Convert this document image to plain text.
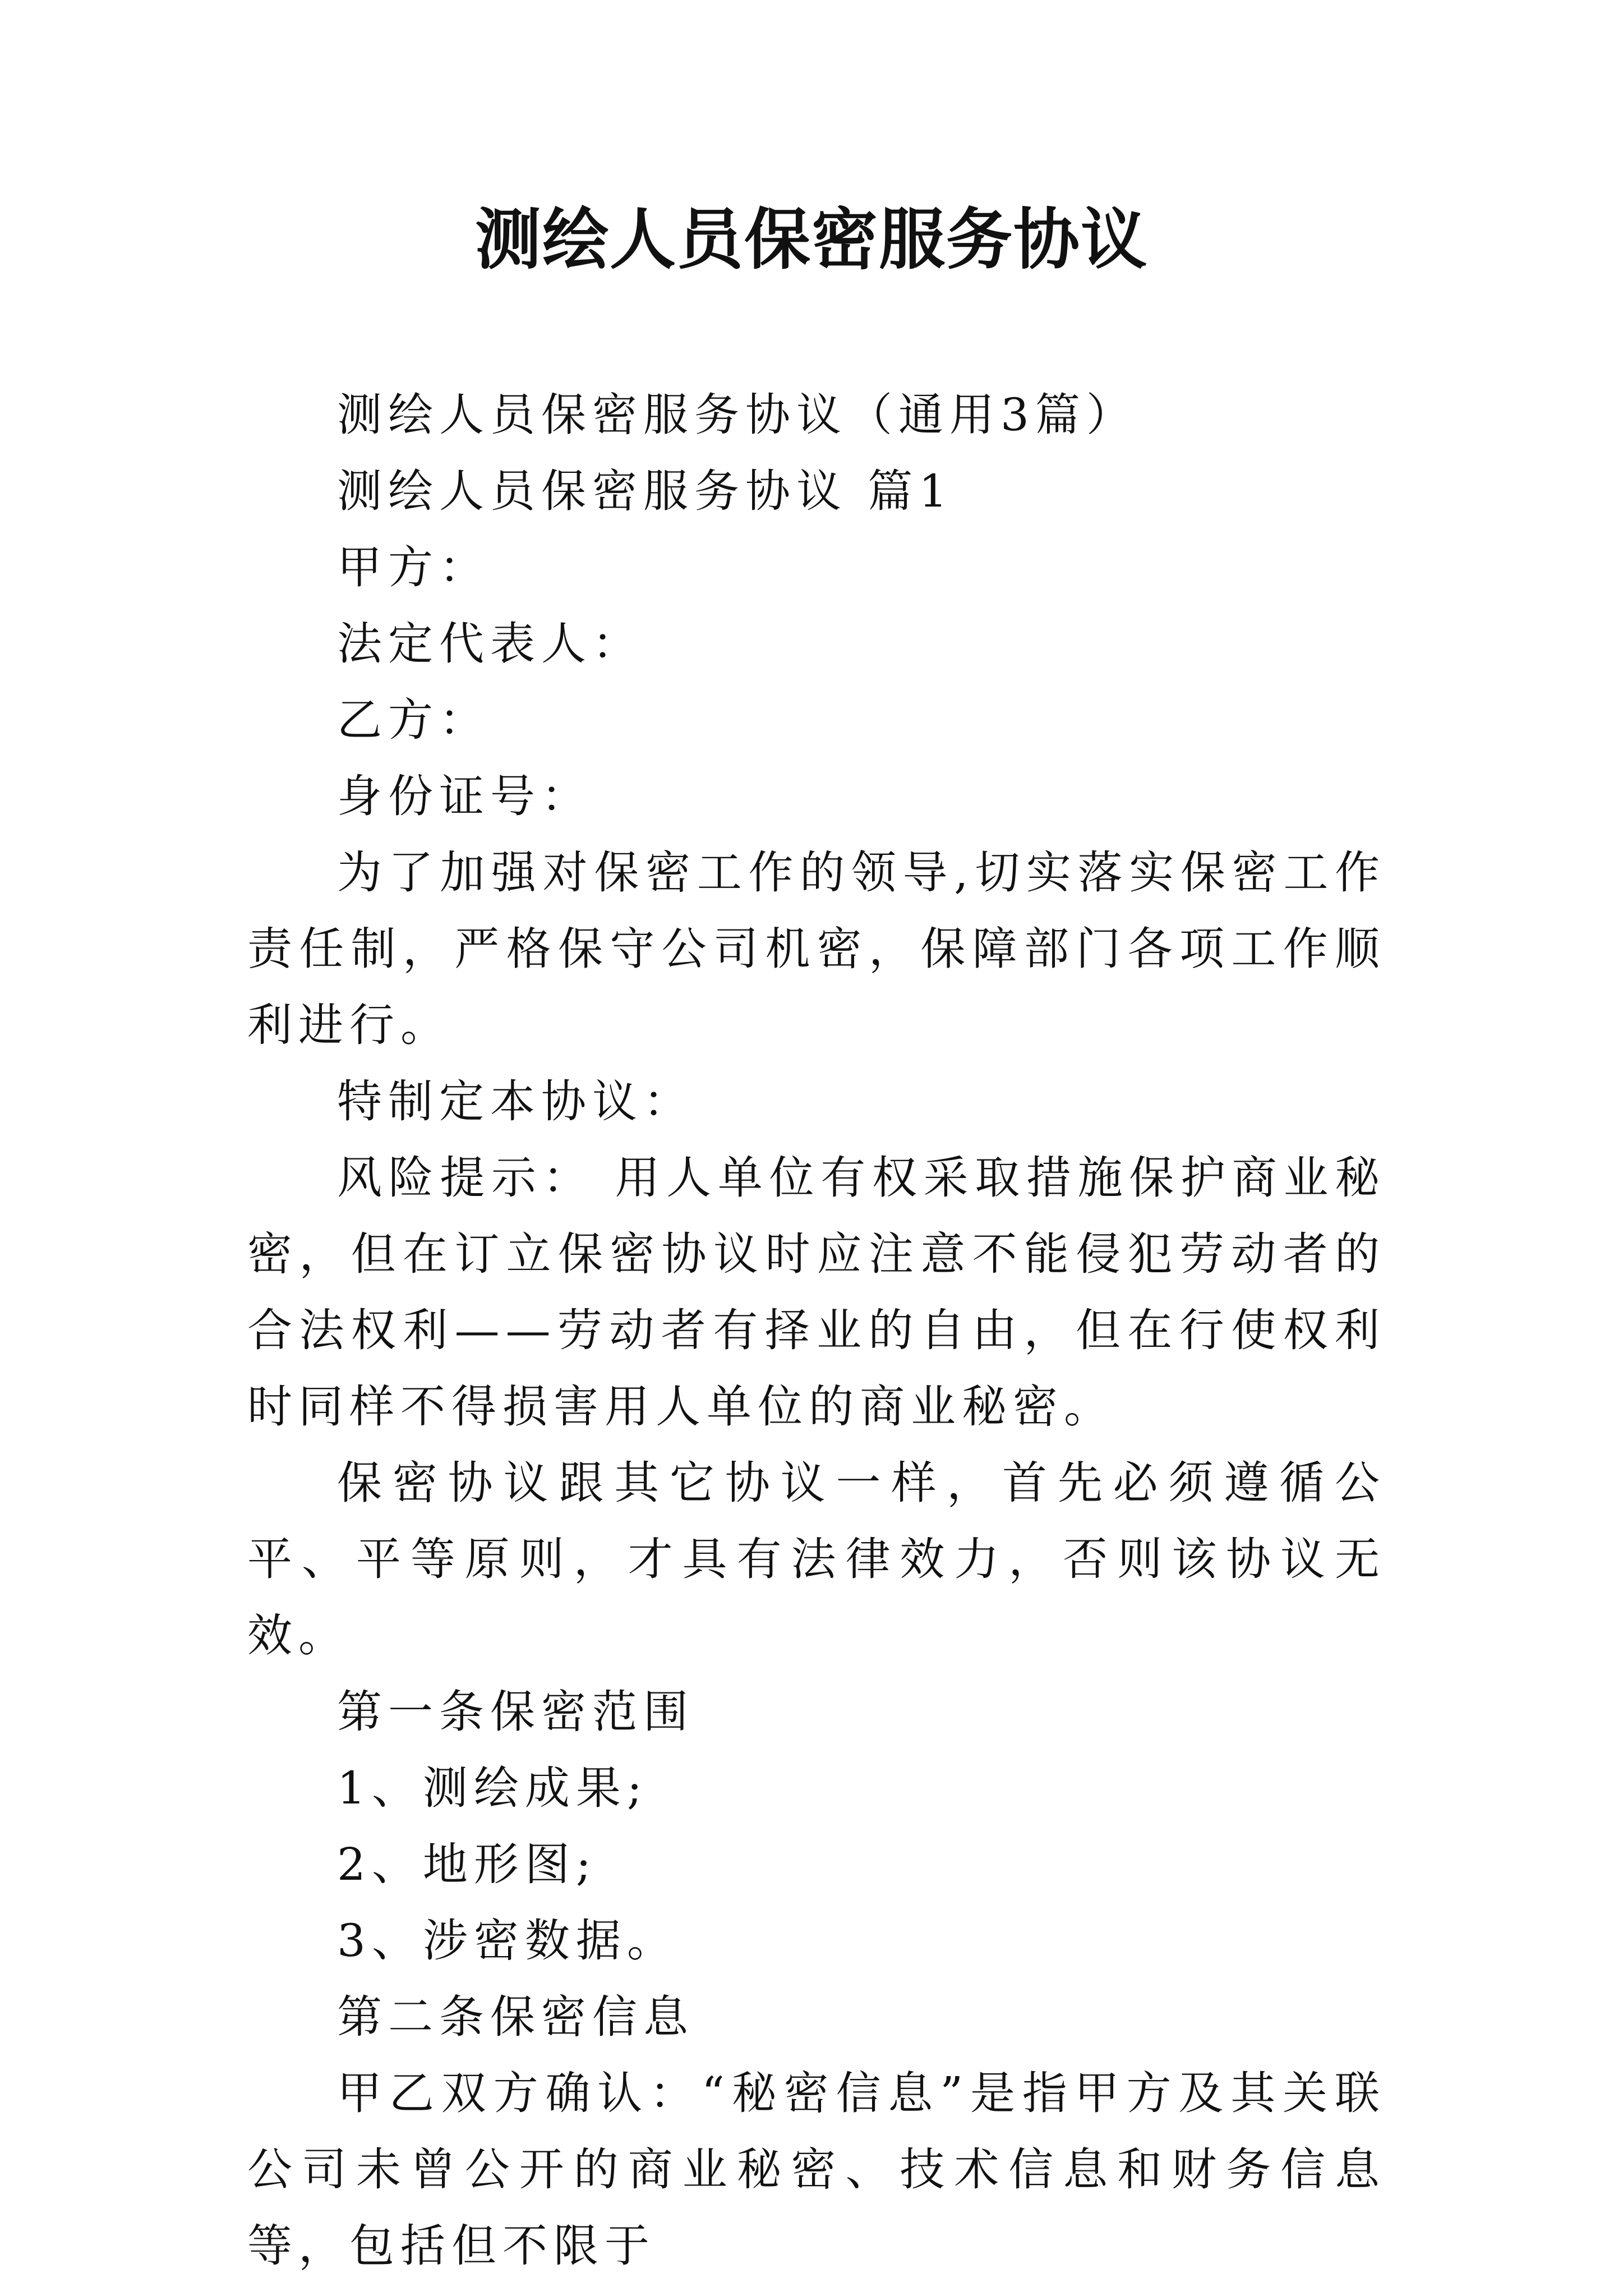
测绘人员保密服务协议

测绘人员保密服务协议（通用3篇）

测绘人员保密服务协议 篇1

甲方：

法定代表人：

乙方：

身份证号：

为了加强对保密工作的领导,切实落实保密工作责任制，严格保守公司机密，保障部门各项工作顺利进行。

特制定本协议：

风险提示： 用人单位有权采取措施保护商业秘密，但在订立保密协议时应注意不能侵犯劳动者的合法权利——劳动者有择业的自由，但在行使权利时同样不得损害用人单位的商业秘密。

保密协议跟其它协议一样，首先必须遵循公平、平等原则，才具有法律效力，否则该协议无效。

第一条保密范围

1、测绘成果;

2、地形图;

3、涉密数据。

第二条保密信息

甲乙双方确认：“秘密信息”是指甲方及其关联公司未曾公开的商业秘密、技术信息和财务信息等，包括但不限于
